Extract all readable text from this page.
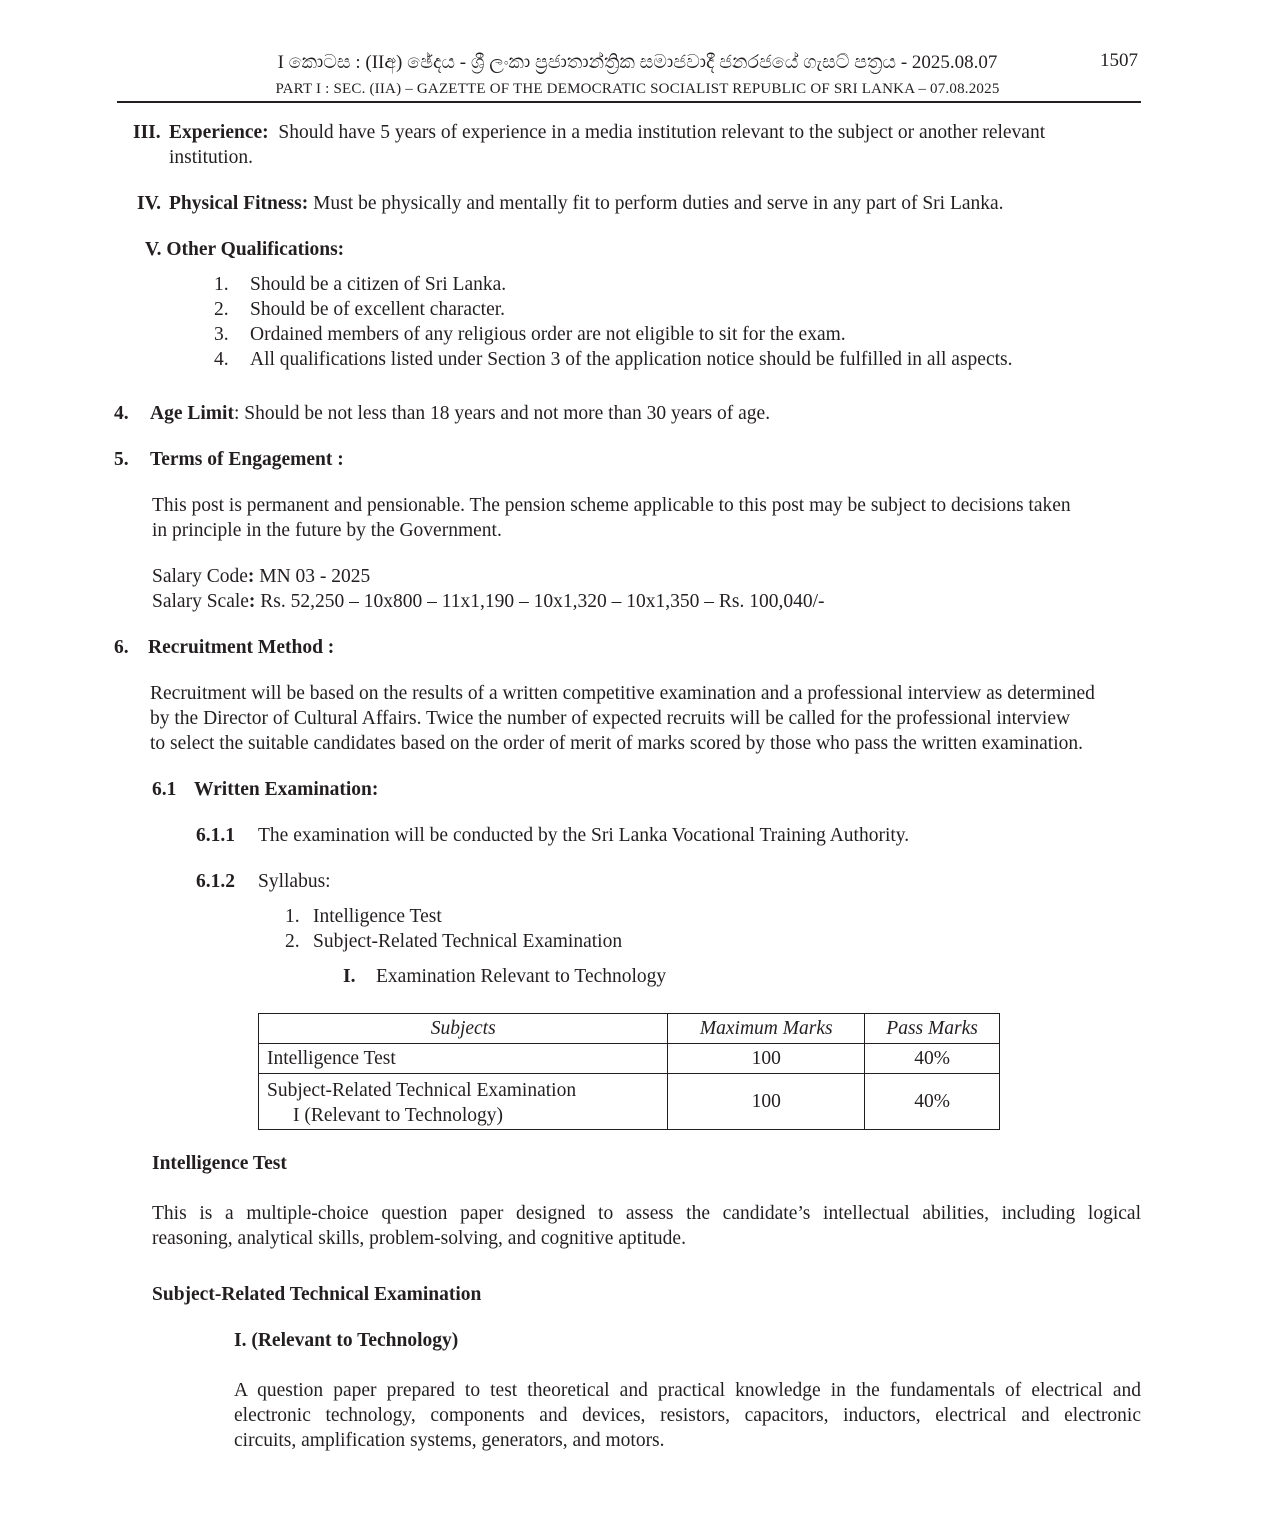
I කොටස : (IIඅ) ඡේදය - ශ්‍රී ලංකා ප්‍රජාතාන්ත්‍රික සමාජවාදී ජනරජයේ ගැසට් පත්‍රය - 2025.08.07
PART I : SEC. (IIA) – GAZETTE OF THE DEMOCRATIC SOCIALIST REPUBLIC OF SRI LANKA – 07.08.2025
1507
III. Experience: Should have 5 years of experience in a media institution relevant to the subject or another relevant
institution.
IV. Physical Fitness: Must be physically and mentally fit to perform duties and serve in any part of Sri Lanka.
V. Other Qualifications:
1. Should be a citizen of Sri Lanka.
2. Should be of excellent character.
3. Ordained members of any religious order are not eligible to sit for the exam.
4. All qualifications listed under Section 3 of the application notice should be fulfilled in all aspects.
4. Age Limit: Should be not less than 18 years and not more than 30 years of age.
5. Terms of Engagement :
This post is permanent and pensionable. The pension scheme applicable to this post may be subject to decisions taken
in principle in the future by the Government.
Salary Code: MN 03 - 2025
Salary Scale: Rs. 52,250 – 10x800 – 11x1,190 – 10x1,320 – 10x1,350 – Rs. 100,040/-
6. Recruitment Method :
Recruitment will be based on the results of a written competitive examination and a professional interview as determined
by the Director of Cultural Affairs. Twice the number of expected recruits will be called for the professional interview
to select the suitable candidates based on the order of merit of marks scored by those who pass the written examination.
6.1 Written Examination:
6.1.1 The examination will be conducted by the Sri Lanka Vocational Training Authority.
6.1.2 Syllabus:
1. Intelligence Test
2. Subject-Related Technical Examination
I. Examination Relevant to Technology
Subjects	Maximum Marks	Pass Marks
Intelligence Test	100	40%

Subject-Related Technical Examination
I (Relevant to Technology)	100	40%
Intelligence Test
This is a multiple-choice question paper designed to assess the candidate’s intellectual abilities, including logical
reasoning, analytical skills, problem-solving, and cognitive aptitude.
Subject-Related Technical Examination
I. (Relevant to Technology)
A question paper prepared to test theoretical and practical knowledge in the fundamentals of electrical and
electronic technology, components and devices, resistors, capacitors, inductors, electrical and electronic
circuits, amplification systems, generators, and motors.
